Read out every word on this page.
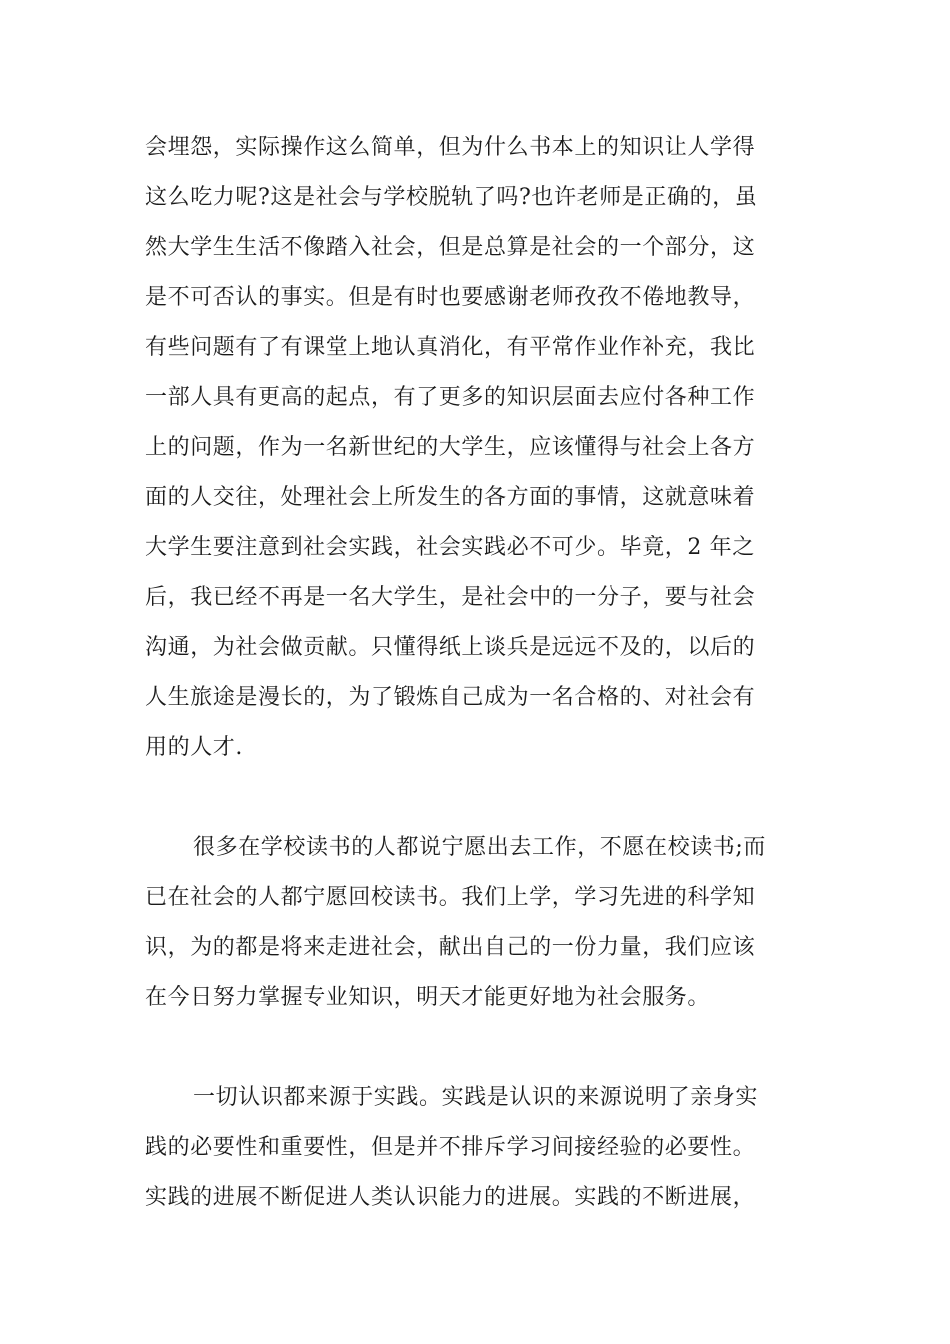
会埋怨，实际操作这么简单，但为什么书本上的知识让人学得
这么吃力呢?这是社会与学校脱轨了吗?也许老师是正确的，虽
然大学生生活不像踏入社会，但是总算是社会的一个部分，这
是不可否认的事实。但是有时也要感谢老师孜孜不倦地教导，
有些问题有了有课堂上地认真消化，有平常作业作补充，我比
一部人具有更高的起点，有了更多的知识层面去应付各种工作
上的问题，作为一名新世纪的大学生，应该懂得与社会上各方
面的人交往，处理社会上所发生的各方面的事情，这就意味着
大学生要注意到社会实践，社会实践必不可少。毕竟，2 年之
后，我已经不再是一名大学生，是社会中的一分子，要与社会
沟通，为社会做贡献。只懂得纸上谈兵是远远不及的，以后的
人生旅途是漫长的，为了锻炼自己成为一名合格的、对社会有
用的人才.
很多在学校读书的人都说宁愿出去工作，不愿在校读书;而
已在社会的人都宁愿回校读书。我们上学，学习先进的科学知
识，为的都是将来走进社会，献出自己的一份力量，我们应该
在今日努力掌握专业知识，明天才能更好地为社会服务。
一切认识都来源于实践。实践是认识的来源说明了亲身实
践的必要性和重要性，但是并不排斥学习间接经验的必要性。
实践的进展不断促进人类认识能力的进展。实践的不断进展，
